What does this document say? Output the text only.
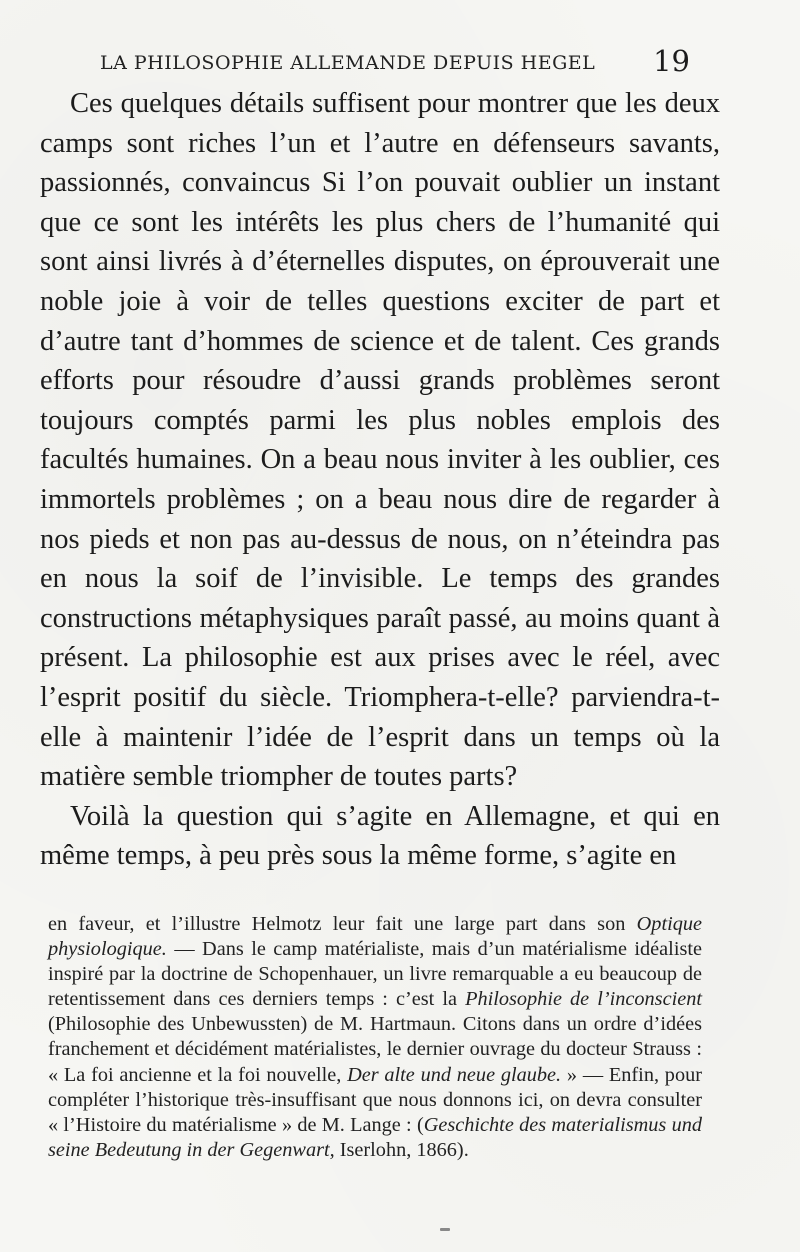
LA PHILOSOPHIE ALLEMANDE DEPUIS HEGEL 19

Ces quelques détails suffisent pour montrer que les deux camps sont riches l’un et l’autre en défenseurs savants, passionnés, convaincus Si l’on pouvait oublier un instant que ce sont les intérêts les plus chers de l’humanité qui sont ainsi livrés à d’éternelles disputes, on éprouverait une noble joie à voir de telles questions exciter de part et d’autre tant d’hommes de science et de talent. Ces grands efforts pour résoudre d’aussi grands problèmes seront toujours comptés parmi les plus nobles emplois des facultés humaines. On a beau nous inviter à les oublier, ces immortels problèmes ; on a beau nous dire de regarder à nos pieds et non pas au-dessus de nous, on n’éteindra pas en nous la soif de l’invisible. Le temps des grandes constructions métaphysiques paraît passé, au moins quant à présent. La philosophie est aux prises avec le réel, avec l’esprit positif du siècle. Triomphera-t-elle? parviendra-t-elle à maintenir l’idée de l’esprit dans un temps où la matière semble triompher de toutes parts?

Voilà la question qui s’agite en Allemagne, et qui en même temps, à peu près sous la même forme, s’agite en

en faveur, et l’illustre Helmotz leur fait une large part dans son Optique physiologique. — Dans le camp matérialiste, mais d’un matérialisme idéaliste inspiré par la doctrine de Schopenhauer, un livre remarquable a eu beaucoup de retentissement dans ces derniers temps : c’est la Philosophie de l’inconscient (Philosophie des Unbewussten) de M. Hartmaun. Citons dans un ordre d’idées franchement et décidément matérialistes, le dernier ouvrage du docteur Strauss : « La foi ancienne et la foi nouvelle, Der alte und neue glaube. » — Enfin, pour compléter l’historique très-insuffisant que nous donnons ici, on devra consulter « l’Histoire du matérialisme » de M. Lange : (Geschichte des materialismus und seine Bedeutung in der Gegenwart, Iserlohn, 1866).
